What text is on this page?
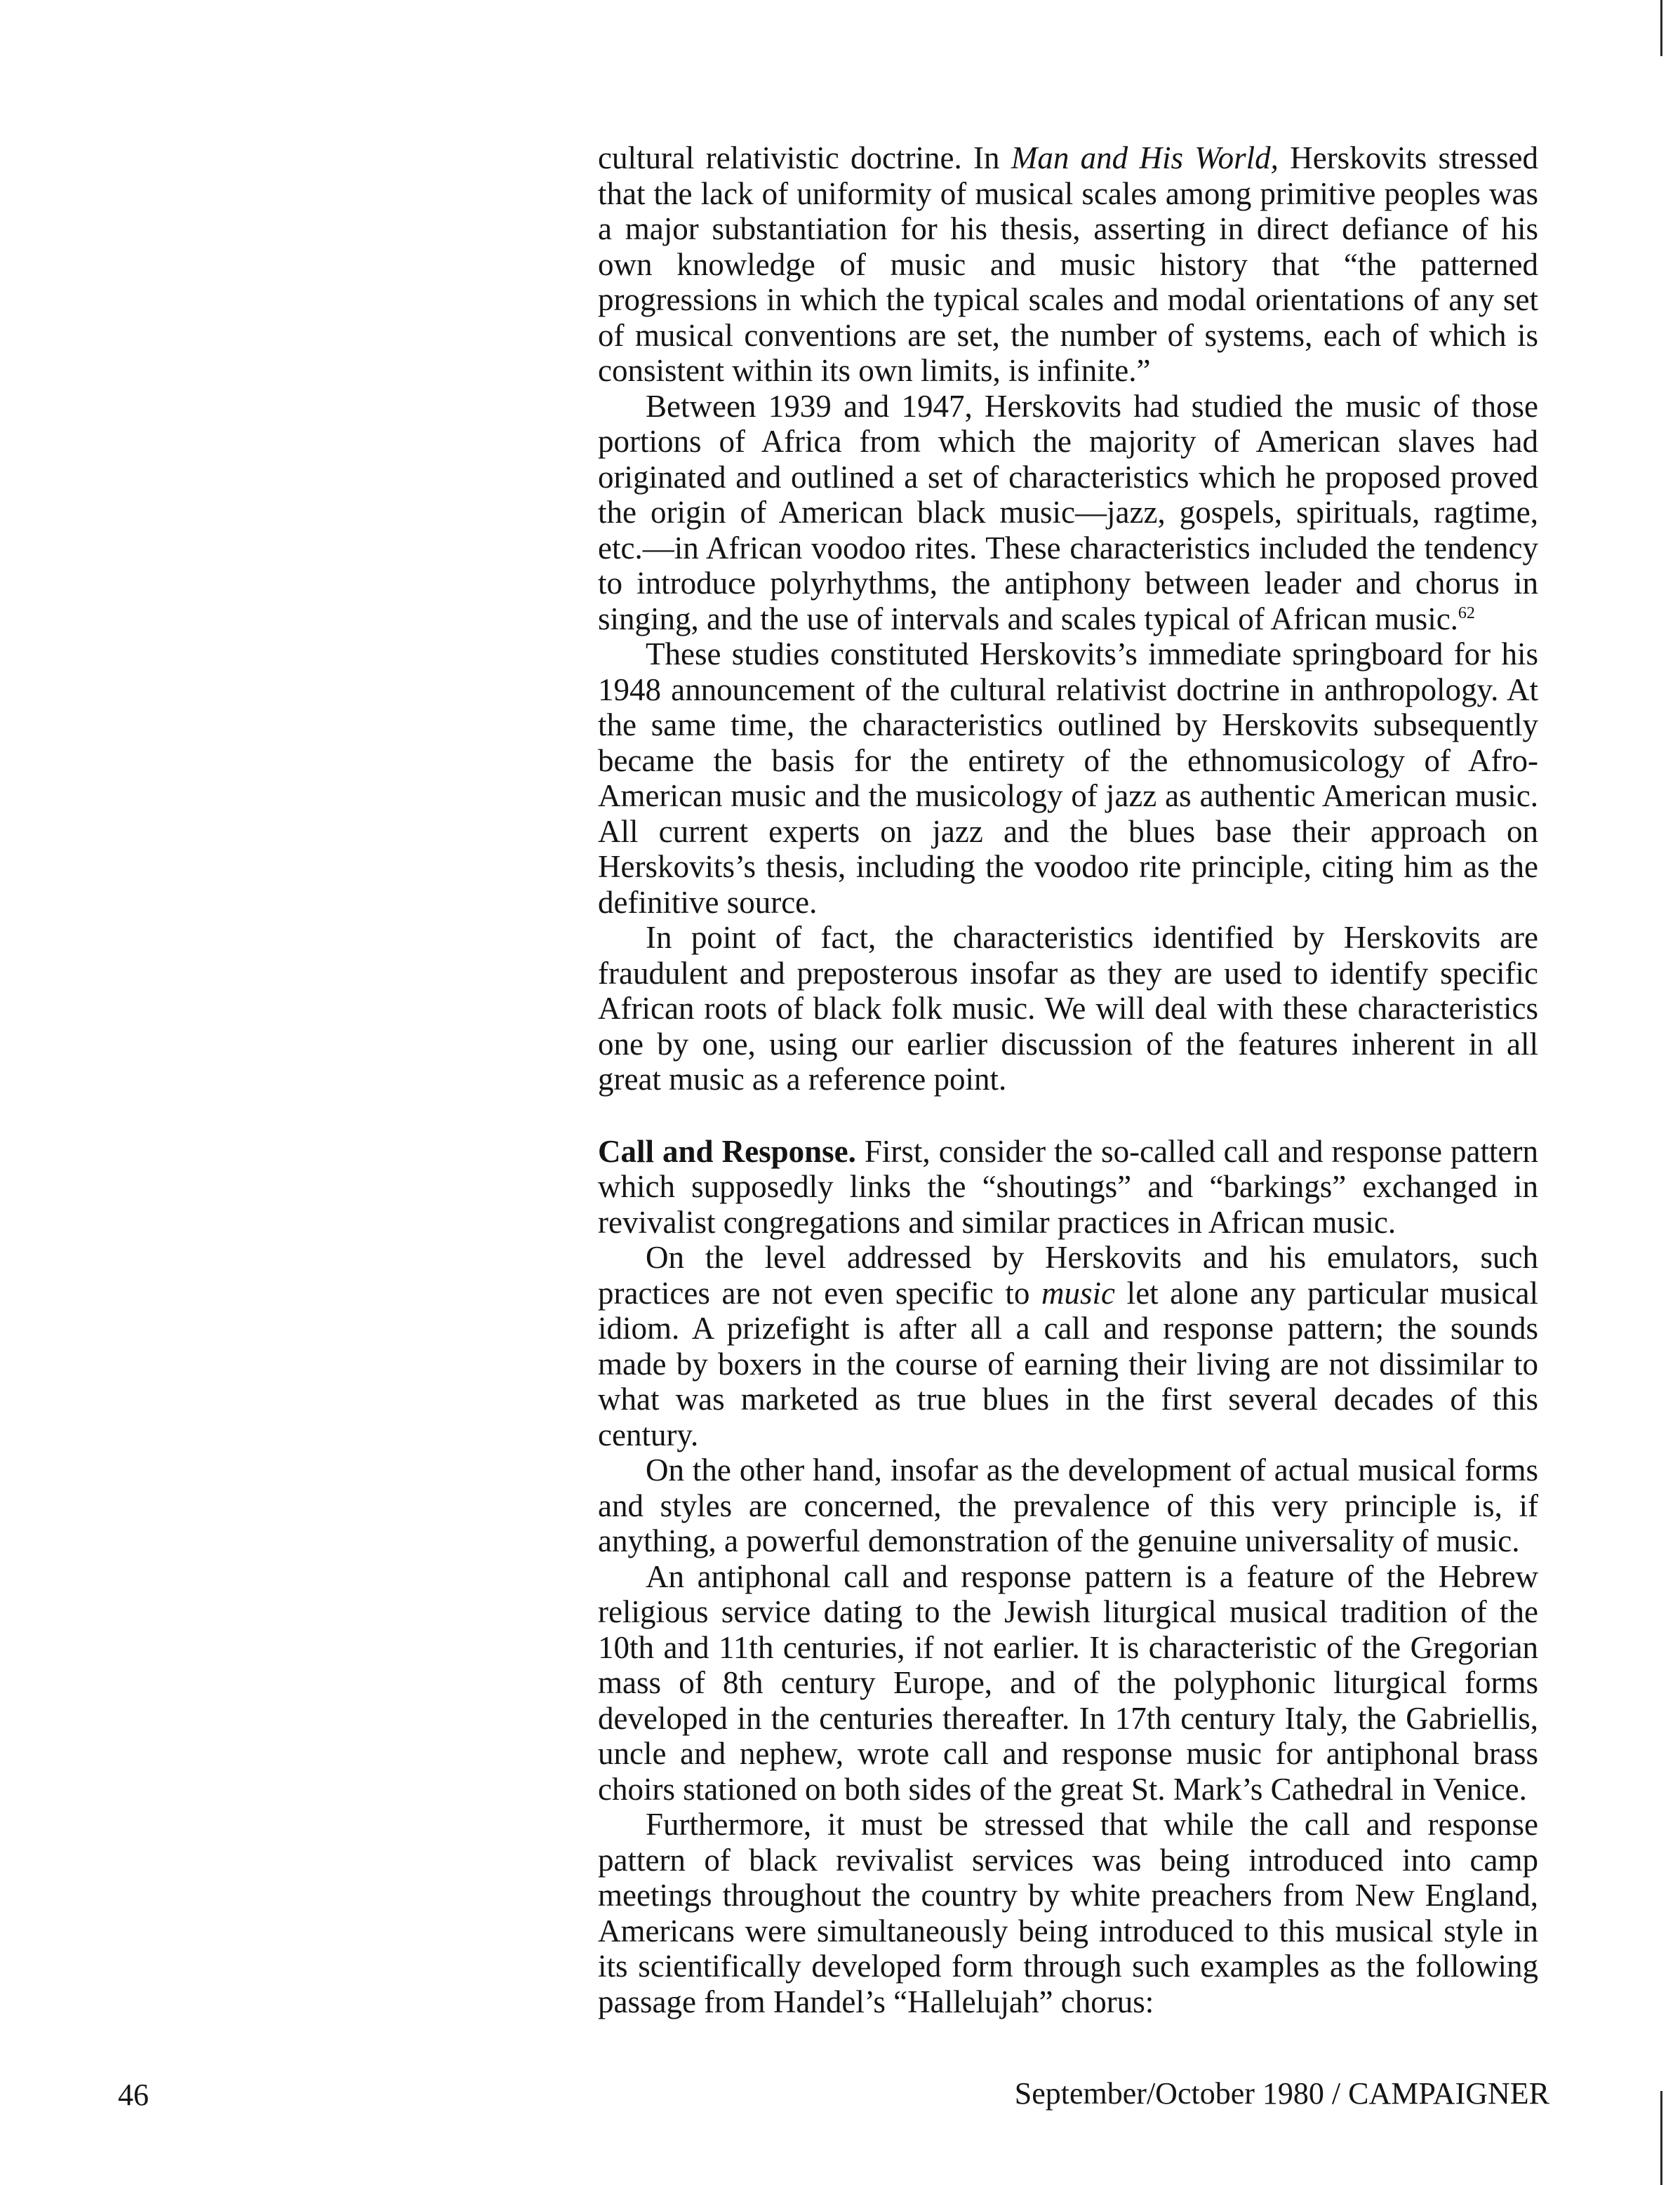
cultural relativistic doctrine. In Man and His World, Herskovits stressed that the lack of uniformity of musical scales among primitive peoples was a major substantiation for his thesis, asserting in direct defiance of his own knowledge of music and music history that “the patterned progressions in which the typical scales and modal orientations of any set of musical conventions are set, the number of systems, each of which is consistent within its own limits, is infinite.”

Between 1939 and 1947, Herskovits had studied the music of those portions of Africa from which the majority of American slaves had originated and outlined a set of characteristics which he proposed proved the origin of American black music—jazz, gospels, spirituals, ragtime, etc.—in African voodoo rites. These characteristics included the tendency to introduce polyrhythms, the antiphony between leader and chorus in singing, and the use of intervals and scales typical of African music.$^{62}$

These studies constituted Herskovits’s immediate springboard for his 1948 announcement of the cultural relativist doctrine in anthropology. At the same time, the characteristics outlined by Herskovits subsequently became the basis for the entirety of the ethnomusicology of Afro-American music and the musicology of jazz as authentic American music. All current experts on jazz and the blues base their approach on Herskovits’s thesis, including the voodoo rite principle, citing him as the definitive source.

In point of fact, the characteristics identified by Herskovits are fraudulent and preposterous insofar as they are used to identify specific African roots of black folk music. We will deal with these characteristics one by one, using our earlier discussion of the features inherent in all great music as a reference point.

Call and Response. First, consider the so-called call and response pattern which supposedly links the “shoutings” and “barkings” exchanged in revivalist congregations and similar practices in African music.

On the level addressed by Herskovits and his emulators, such practices are not even specific to music let alone any particular musical idiom. A prizefight is after all a call and response pattern; the sounds made by boxers in the course of earning their living are not dissimilar to what was marketed as true blues in the first several decades of this century.

On the other hand, insofar as the development of actual musical forms and styles are concerned, the prevalence of this very principle is, if anything, a powerful demonstration of the genuine universality of music.

An antiphonal call and response pattern is a feature of the Hebrew religious service dating to the Jewish liturgical musical tradition of the 10th and 11th centuries, if not earlier. It is characteristic of the Gregorian mass of 8th century Europe, and of the polyphonic liturgical forms developed in the centuries thereafter. In 17th century Italy, the Gabriellis, uncle and nephew, wrote call and response music for antiphonal brass choirs stationed on both sides of the great St. Mark’s Cathedral in Venice.

Furthermore, it must be stressed that while the call and response pattern of black revivalist services was being introduced into camp meetings throughout the country by white preachers from New England, Americans were simultaneously being introduced to this musical style in its scientifically developed form through such examples as the following passage from Handel’s “Hallelujah” chorus:

46	September/October 1980 / CAMPAIGNER
